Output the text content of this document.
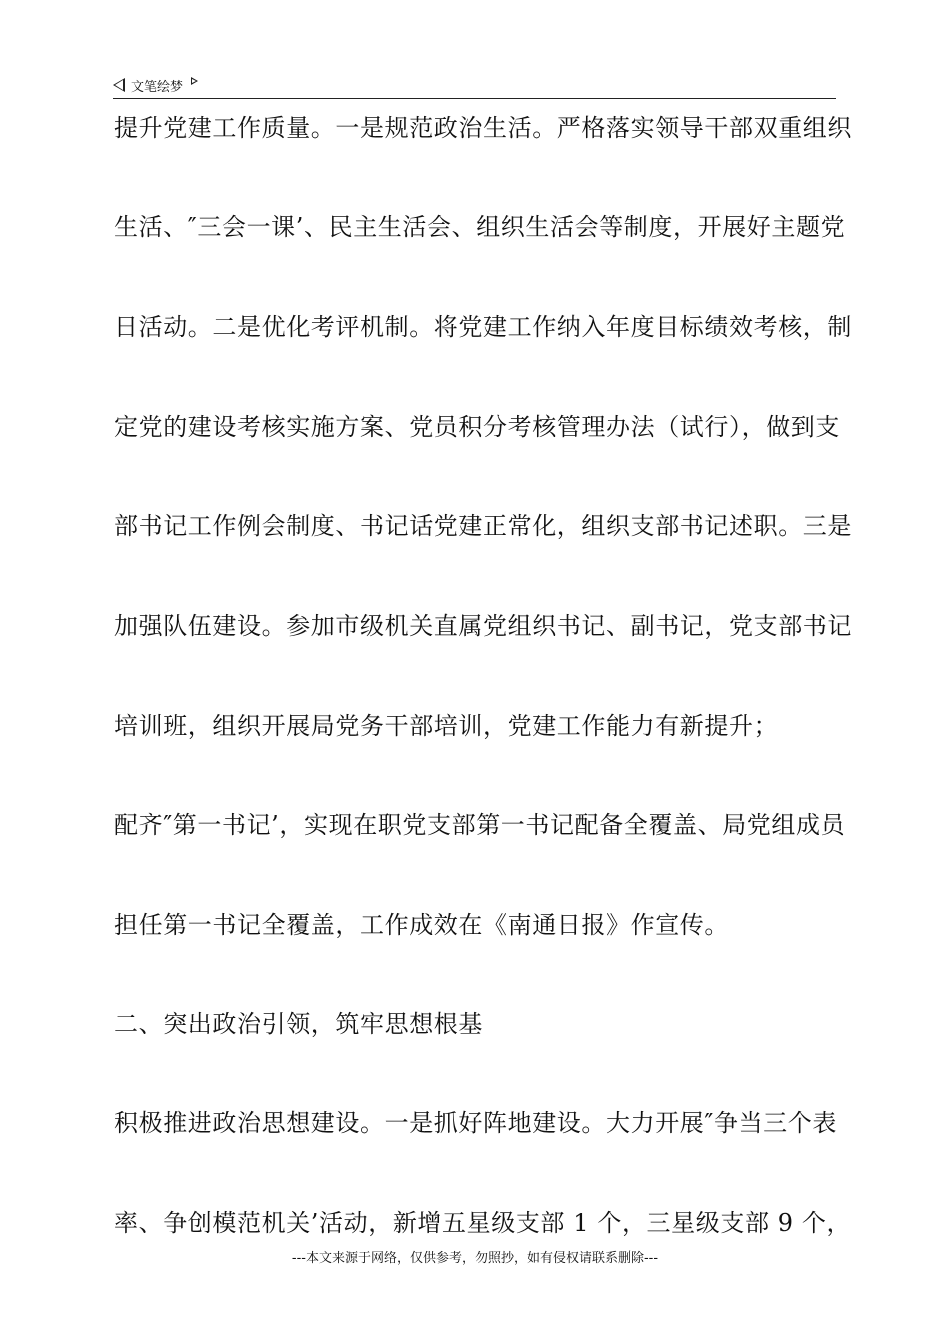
文笔绘梦
提升党建工作质量。一是规范政治生活。严格落实领导干部双重组织
生活、″三会一课’、民主生活会、组织生活会等制度，开展好主题党
日活动。二是优化考评机制。将党建工作纳入年度目标绩效考核，制
定党的建设考核实施方案、党员积分考核管理办法（试行），做到支
部书记工作例会制度、书记话党建正常化，组织支部书记述职。三是
加强队伍建设。参加市级机关直属党组织书记、副书记，党支部书记
培训班，组织开展局党务干部培训，党建工作能力有新提升；
配齐″第一书记’，实现在职党支部第一书记配备全覆盖、局党组成员
担任第一书记全覆盖，工作成效在《南通日报》作宣传。
二、突出政治引领，筑牢思想根基
积极推进政治思想建设。一是抓好阵地建设。大力开展″争当三个表
率、争创模范机关’活动，新增五星级支部 1 个，三星级支部 9 个，
---本文来源于网络，仅供参考，勿照抄，如有侵权请联系删除---
